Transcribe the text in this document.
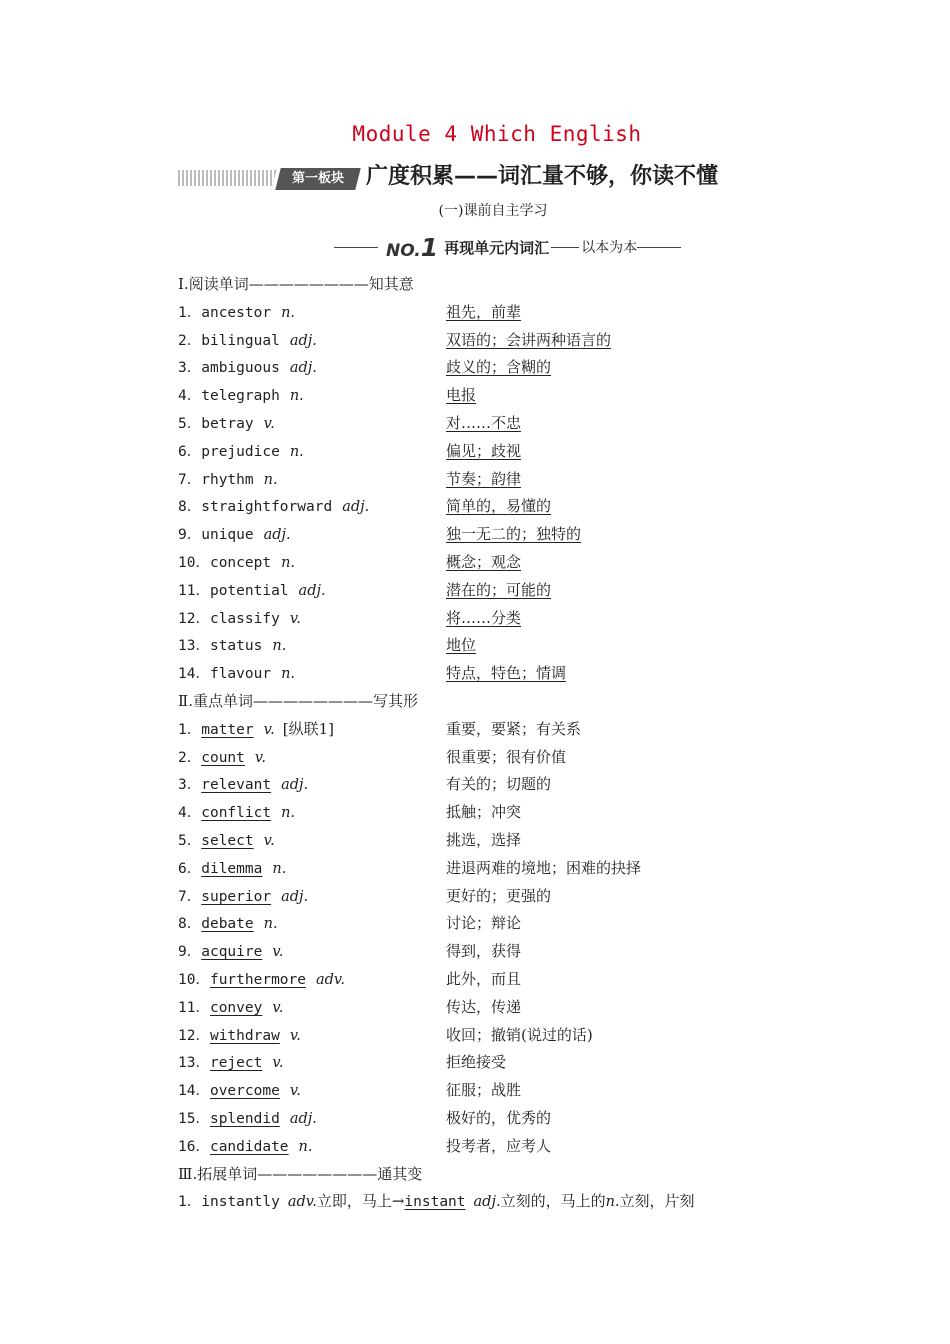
Module 4 Which English
第一板块	广度积累——词汇量不够，你读不懂
(一)课前自主学习
NO.1 再现单元内词汇 以本为本
Ⅰ.阅读单词————————知其意
1．ancestor n.	祖先，前辈
2．bilingual adj.	双语的；会讲两种语言的
3．ambiguous adj.	歧义的；含糊的
4．telegraph n.	电报
5．betray v.	对……不忠
6．prejudice n.	偏见；歧视
7．rhythm n.	节奏；韵律
8．straightforward adj.	简单的，易懂的
9．unique adj.	独一无二的；独特的
10．concept n.	概念；观念
11．potential adj.	潜在的；可能的
12．classify v.	将……分类
13．status n.	地位
14．flavour n.	特点，特色；情调
Ⅱ.重点单词————————写其形
1．matter v. [纵联1]	重要，要紧；有关系
2．count v.	很重要；很有价值
3．relevant adj.	有关的；切题的
4．conflict n.	抵触；冲突
5．select v.	挑选，选择
6．dilemma n.	进退两难的境地；困难的抉择
7．superior adj.	更好的；更强的
8．debate n.	讨论；辩论
9．acquire v.	得到，获得
10．furthermore adv.	此外，而且
11．convey v.	传达，传递
12．withdraw v.	收回；撤销(说过的话)
13．reject v.	拒绝接受
14．overcome v.	征服；战胜
15．splendid adj.	极好的，优秀的
16．candidate n.	投考者，应考人
Ⅲ.拓展单词————————通其变
1．instantly adv.立即，马上→instant adj.立刻的，马上的n.立刻，片刻
